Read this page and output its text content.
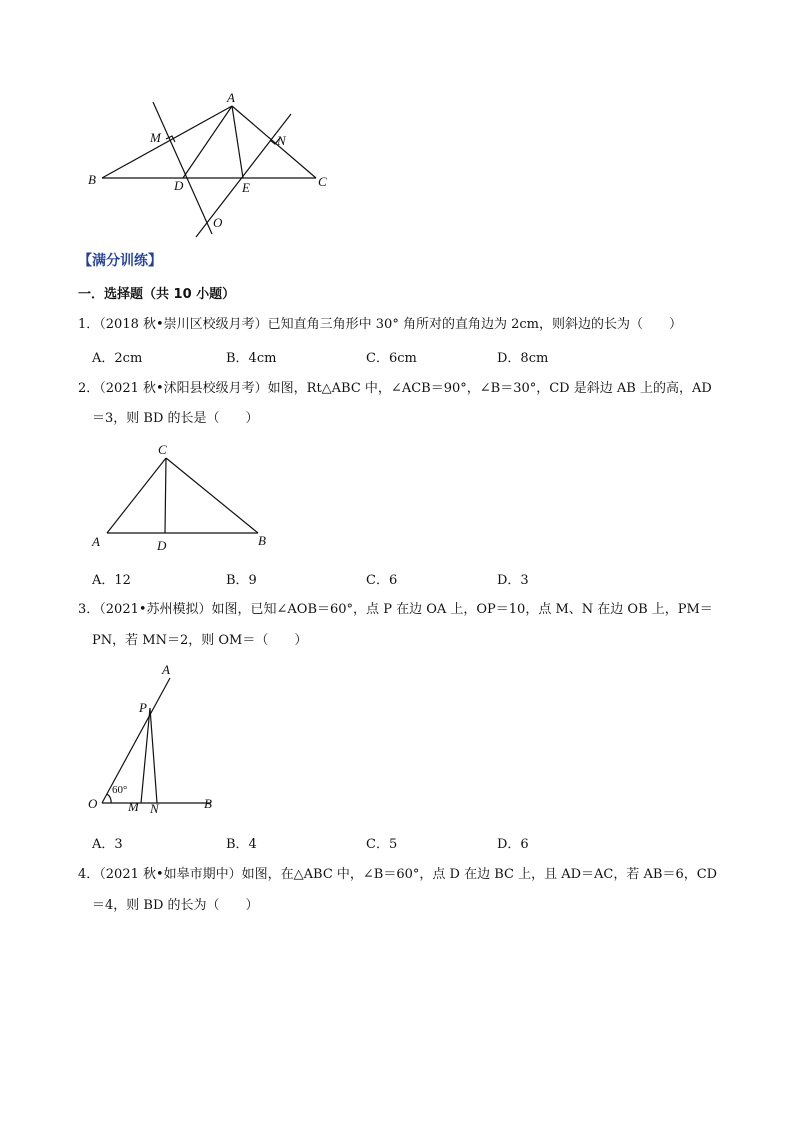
A
B	C
D	E
M	N
O
【满分训练】
一．选择题（共 10 小题）
1．（2018 秋•崇川区校级月考）已知直角三角形中 30° 角所对的直角边为 2cm，则斜边的长为（　　）
A．2cm	B．4cm	C．6cm	D．8cm
2．（2021 秋•沭阳县校级月考）如图，Rt△ABC 中，∠ACB＝90°，∠B＝30°，CD 是斜边 AB 上的高，AD
＝3，则 BD 的长是（　　）
C
A	D	B
A．12	B．9	C．6	D．3
3．（2021•苏州模拟）如图，已知∠AOB＝60°，点 P 在边 OA 上，OP＝10，点 M、N 在边 OB 上，PM＝
PN，若 MN＝2，则 OM＝（　　）
A
P
O M N	B
60°
A．3	B．4	C．5	D．6
4．（2021 秋•如皋市期中）如图，在△ABC 中，∠B＝60°，点 D 在边 BC 上，且 AD＝AC，若 AB＝6，CD
＝4，则 BD 的长为（　　）
